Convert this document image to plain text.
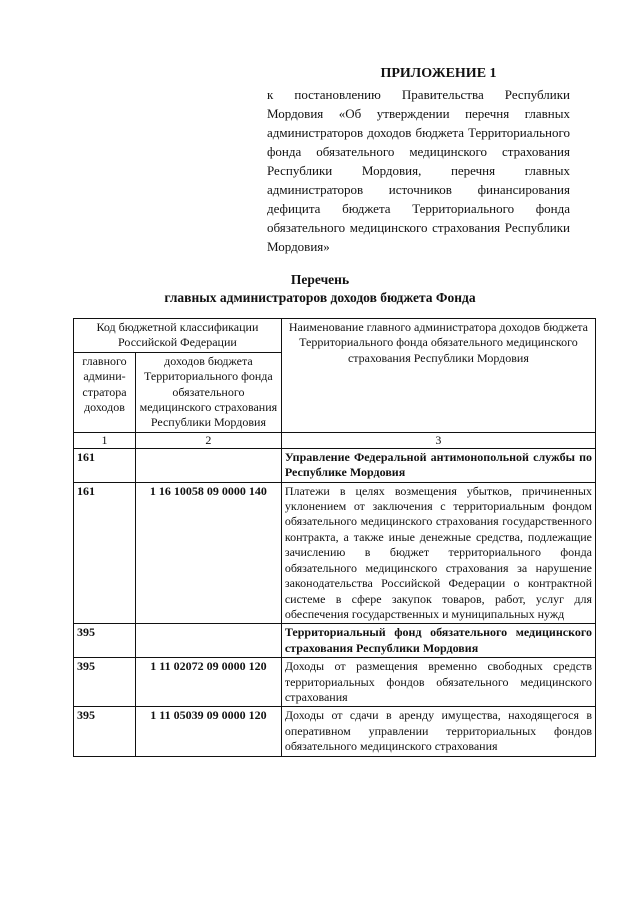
ПРИЛОЖЕНИЕ 1
к постановлению Правительства Республики Мордовия «Об утверждении перечня главных администраторов доходов бюджета Территориального фонда обязательного медицинского страхования Республики Мордовия, перечня главных администраторов источников финансирования дефицита бюджета Территориального фонда обязательного медицинского страхования Республики Мордовия»
Перечень
главных администраторов доходов бюджета Фонда
Код бюджетной классификации Российской Федерации		Наименование главного администратора доходов бюджета Территориального фонда обязательного медицинского страхования Республики Мордовия
главного админи-стратора доходов	доходов бюджета Территориального фонда обязательного медицинского страхования Республики Мордовия	
1	2	3
161		Управление Федеральной антимонопольной службы по Республике Мордовия
161	1 16 10058 09 0000 140	Платежи в целях возмещения убытков, причиненных уклонением от заключения с территориальным фондом обязательного медицинского страхования государственного контракта, а также иные денежные средства, подлежащие зачислению в бюджет территориального фонда обязательного медицинского страхования за нарушение законодательства Российской Федерации о контрактной системе в сфере закупок товаров, работ, услуг для обеспечения государственных и муниципальных нужд
395		Территориальный фонд обязательного медицинского страхования Республики Мордовия
395	1 11 02072 09 0000 120	Доходы от размещения временно свободных средств территориальных фондов обязательного медицинского страхования
395	1 11 05039 09 0000 120	Доходы от сдачи в аренду имущества, находящегося в оперативном управлении территориальных фондов обязательного медицинского страхования
